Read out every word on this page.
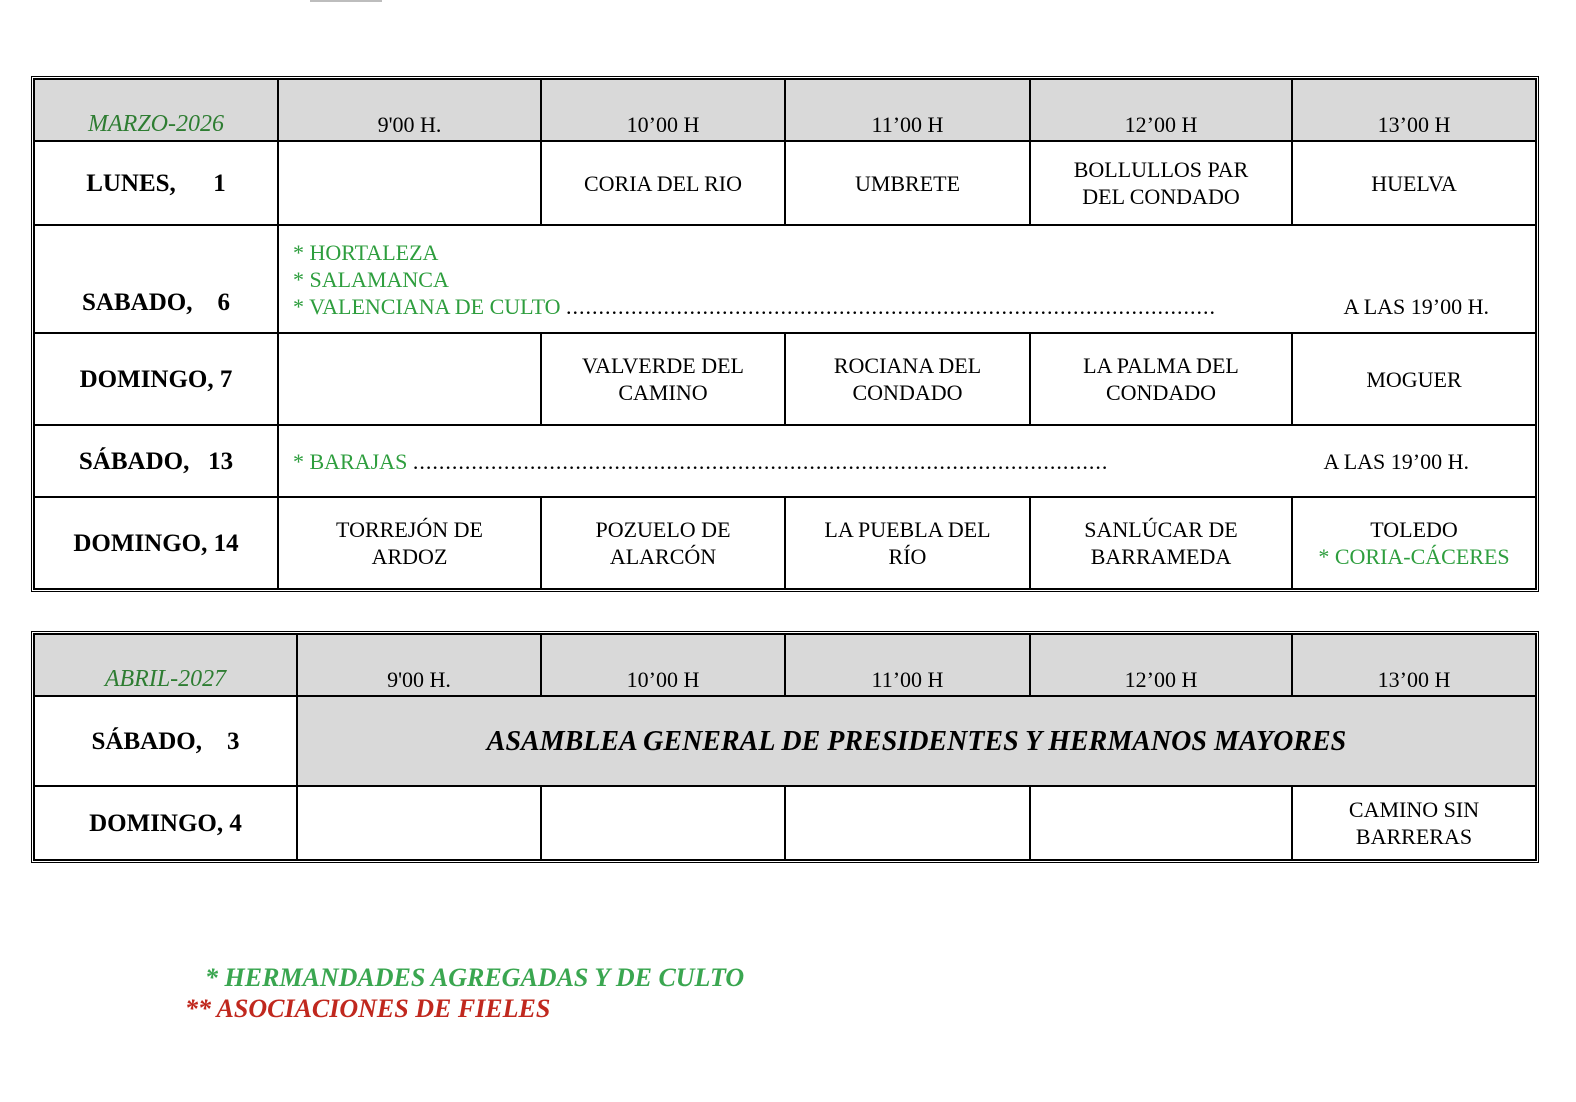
MARZO-2026	9'00 H.	10’00 H	11’00 H	12’00 H	13’00 H
LUNES,      1		CORIA DEL RIO	UMBRETE	BOLLULLOS PAR DEL CONDADO	HUELVA
SABADO,    6	* HORTALEZA
* SALAMANCA
* VALENCIANA DE CULTO .................................................................................................... A LAS 19’00 H.				

DOMINGO, 7		VALVERDE DEL CAMINO	ROCIANA DEL CONDADO	LA PALMA DEL CONDADO	MOGUER
SÁBADO,   13	* BARAJAS ........................................................................................................... A LAS 19’00 H.				

DOMINGO, 14	TORREJÓN DE ARDOZ	POZUELO DE ALARCÓN	LA PUEBLA DEL RÍO	SANLÚCAR DE BARRAMEDA	TOLEDO
* CORIA-CÁCERES
ABRIL-2027	9'00 H.	10’00 H	11’00 H	12’00 H	13’00 H
SÁBADO,    3	ASAMBLEA GENERAL DE PRESIDENTES Y HERMANOS MAYORES				
DOMINGO, 4					CAMINO SIN BARRERAS
* HERMANDADES AGREGADAS Y DE CULTO
** ASOCIACIONES DE FIELES
